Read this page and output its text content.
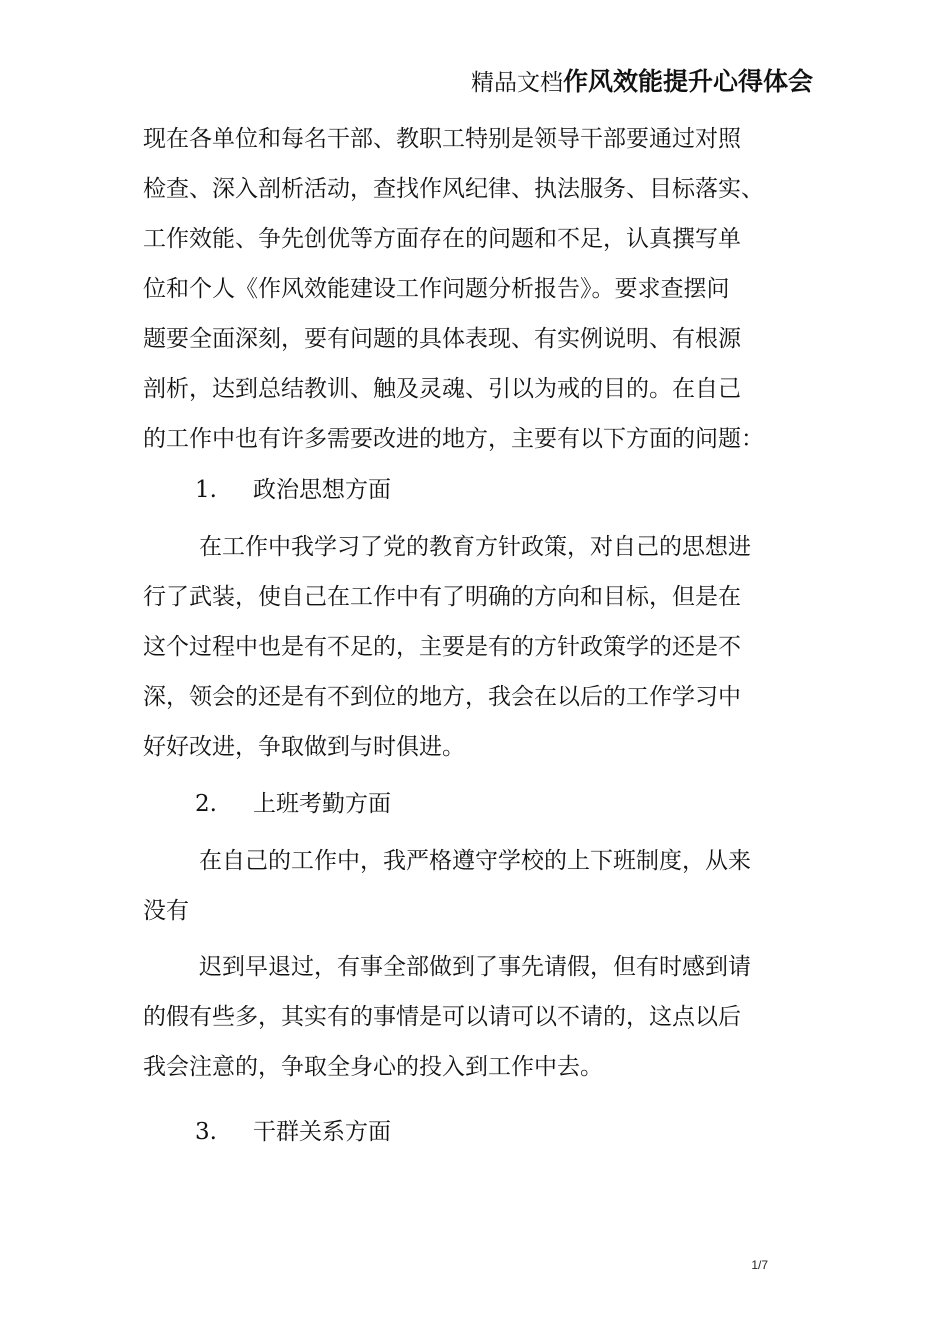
精品文档作风效能提升心得体会
现在各单位和每名干部、教职工特别是领导干部要通过对照
检查、深入剖析活动，查找作风纪律、执法服务、目标落实、
工作效能、争先创优等方面存在的问题和不足，认真撰写单
位和个人《作风效能建设工作问题分析报告》。要求查摆问
题要全面深刻，要有问题的具体表现、有实例说明、有根源
剖析，达到总结教训、触及灵魂、引以为戒的目的。在自己
的工作中也有许多需要改进的地方，主要有以下方面的问题：
1. 政治思想方面
在工作中我学习了党的教育方针政策，对自己的思想进
行了武装，使自己在工作中有了明确的方向和目标，但是在
这个过程中也是有不足的，主要是有的方针政策学的还是不
深，领会的还是有不到位的地方，我会在以后的工作学习中
好好改进，争取做到与时俱进。
2. 上班考勤方面
在自己的工作中，我严格遵守学校的上下班制度，从来
没有
迟到早退过，有事全部做到了事先请假，但有时感到请
的假有些多，其实有的事情是可以请可以不请的，这点以后
我会注意的，争取全身心的投入到工作中去。
3. 干群关系方面
1/7
